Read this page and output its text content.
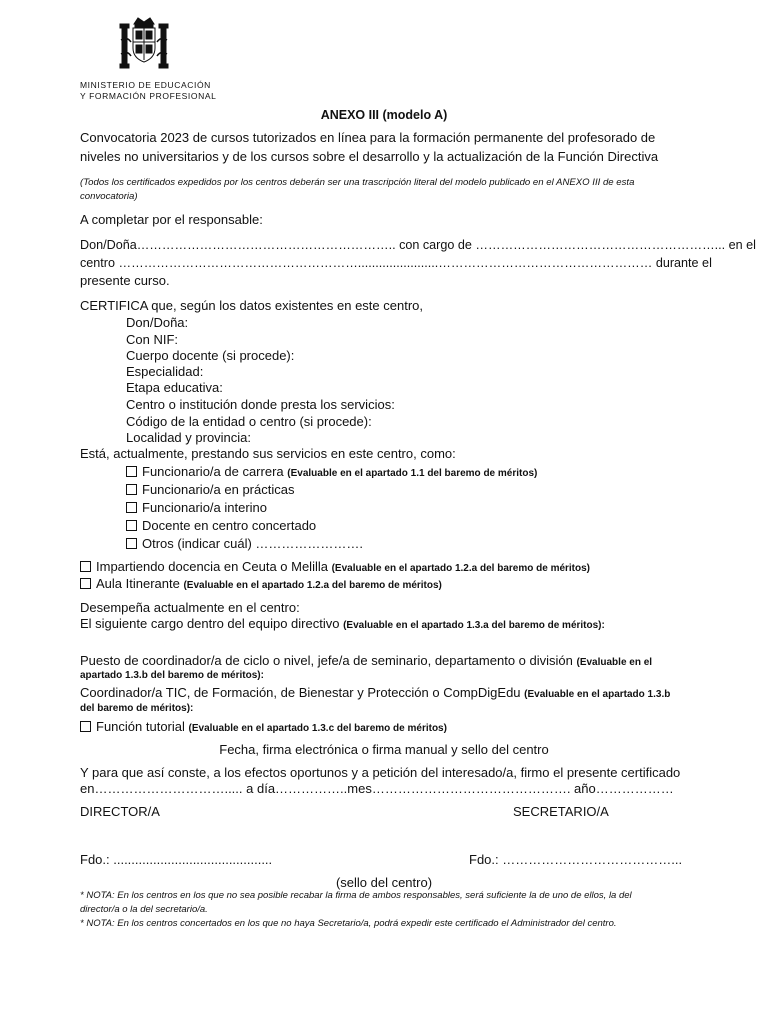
MINISTERIO DE EDUCACIÓN
Y FORMACIÓN PROFESIONAL
ANEXO III (modelo A)
Convocatoria 2023 de cursos tutorizados en línea para la formación permanente del profesorado de
niveles no universitarios y de los cursos sobre el desarrollo y la actualización de la Función Directiva
(Todos los certificados expedidos por los centros deberán ser una trascripción literal del modelo publicado en el ANEXO III de esta
convocatoria)
A completar por el responsable:
Don/Doña…………………………………………………….. con cargo de …………………………………………………... en el
centro ………………………………………………….......................…………………………………………… durante el
presente curso.
CERTIFICA que, según los datos existentes en este centro,
Don/Doña:
Con NIF:
Cuerpo docente (si procede):
Especialidad:
Etapa educativa:
Centro o institución donde presta los servicios:
Código de la entidad o centro (si procede):
Localidad y provincia:
Está, actualmente, prestando sus servicios en este centro, como:
Funcionario/a de carrera (Evaluable en el apartado 1.1 del baremo de méritos)
Funcionario/a en prácticas
Funcionario/a interino
Docente en centro concertado
Otros (indicar cuál) …………………….
Impartiendo docencia en Ceuta o Melilla (Evaluable en el apartado 1.2.a del baremo de méritos)
Aula Itinerante (Evaluable en el apartado 1.2.a del baremo de méritos)
Desempeña actualmente en el centro:
El siguiente cargo dentro del equipo directivo (Evaluable en el apartado 1.3.a del baremo de méritos):
Puesto de coordinador/a de ciclo o nivel, jefe/a de seminario, departamento o división (Evaluable en el
apartado 1.3.b del baremo de méritos):
Coordinador/a TIC, de Formación, de Bienestar y Protección o CompDigEdu (Evaluable en el apartado 1.3.b
del baremo de méritos):
Función tutorial (Evaluable en el apartado 1.3.c del baremo de méritos)
Fecha, firma electrónica o firma manual y sello del centro
Y para que así conste, a los efectos oportunos y a petición del interesado/a, firmo el presente certificado
en…………………………..... a día……………..mes………………………………………. año………………
DIRECTOR/A	SECRETARIO/A
Fdo.: ............................................	Fdo.: …………………………………...
(sello del centro)
* NOTA: En los centros en los que no sea posible recabar la firma de ambos responsables, será suficiente la de uno de ellos, la del
director/a o la del secretario/a.
* NOTA: En los centros concertados en los que no haya Secretario/a, podrá expedir este certificado el Administrador del centro.
